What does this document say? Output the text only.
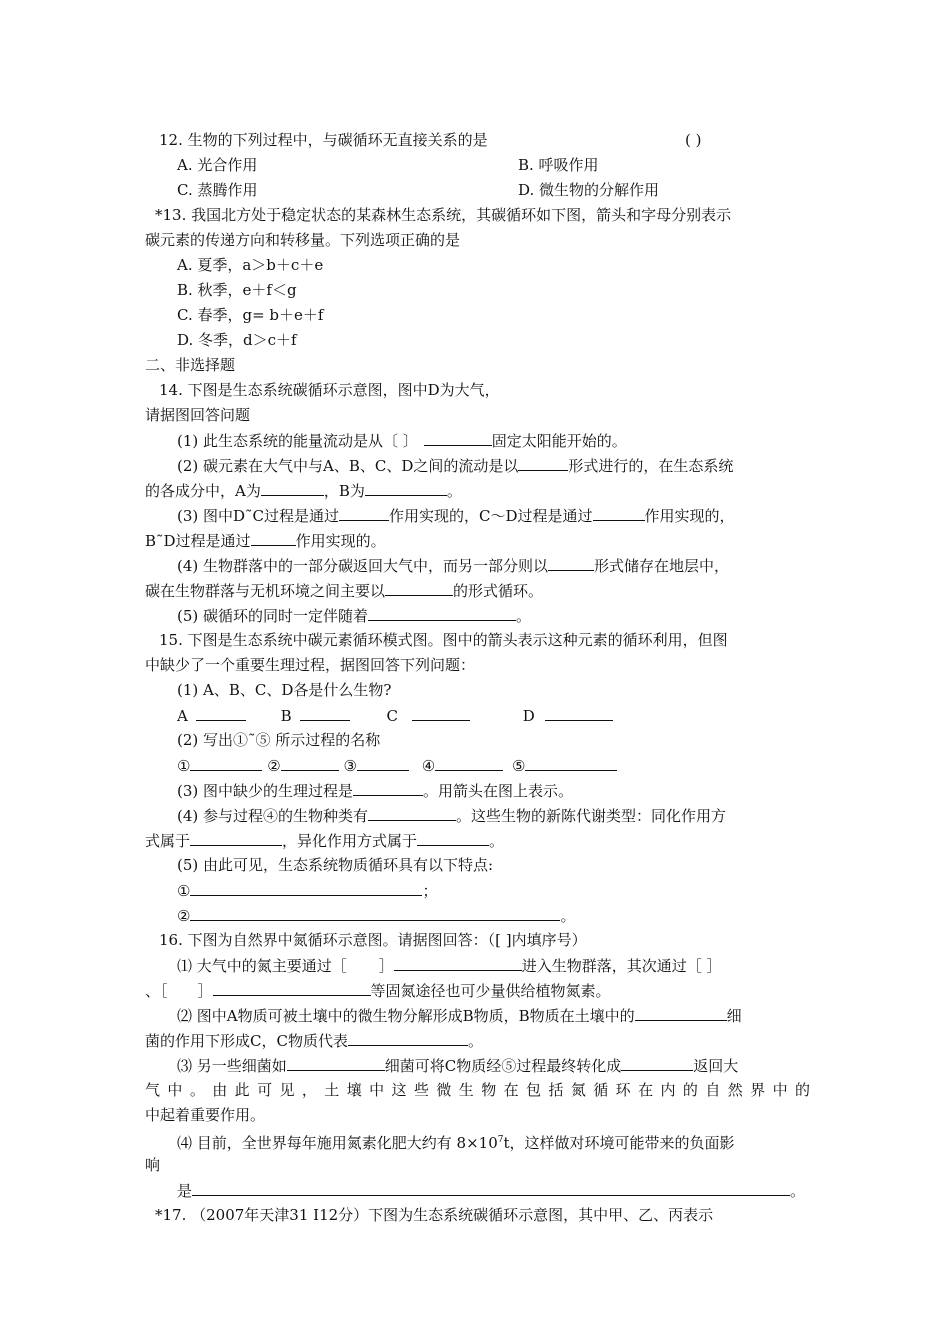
12. 生物的下列过程中，与碳循环无直接关系的是	( )
A. 光合作用	B. 呼吸作用
C. 蒸腾作用	D. 微生物的分解作用
*13. 我国北方处于稳定状态的某森林生态系统，其碳循环如下图，箭头和字母分别表示
碳元素的传递方向和转移量。下列选项正确的是
A. 夏季，a＞b＋c＋e
B. 秋季，e＋f＜g
C. 春季，g= b＋e＋f
D. 冬季，d＞c＋f
二、非选择题
14. 下图是生态系统碳循环示意图，图中D为大气，
请据图回答问题
(1) 此生态系统的能量流动是从〔 〕	固定太阳能开始的。
(2) 碳元素在大气中与A、B、C、D之间的流动是以	形式进行的，在生态系统
的各成分中，A为	，B为	。
(3) 图中D˜C过程是通过	作用实现的，C～D过程是通过	作用实现的，
B˜D过程是通过	作用实现的。
(4) 生物群落中的一部分碳返回大气中，而另一部分则以	形式储存在地层中，
碳在生物群落与无机环境之间主要以	的形式循环。
(5) 碳循环的同时一定伴随着	。
15. 下图是生态系统中碳元素循环模式图。图中的箭头表示这种元素的循环利用，但图
中缺少了一个重要生理过程，据图回答下列问题：
(1) A、B、C、D各是什么生物?
A	B	C	D
(2) 写出①˜⑤ 所示过程的名称
①	②	③	④	⑤
(3) 图中缺少的生理过程是	。用箭头在图上表示。
(4) 参与过程④的生物种类有	。这些生物的新陈代谢类型：同化作用方
式属于	，异化作用方式属于	。
(5) 由此可见，生态系统物质循环具有以下特点:
①	；
②	。
16. 下图为自然界中氮循环示意图。请据图回答：（[ ]内填序号）
⑴ 大气中的氮主要通过［ ］	进入生物群落，其次通过［ ］
、［ ］	等固氮途径也可少量供给植物氮素。
⑵ 图中A物质可被土壤中的微生物分解形成B物质，B物质在土壤中的	细
菌的作用下形成C，C物质代表	。
⑶ 另一些细菌如	细菌可将C物质经⑤过程最终转化成	返回大
气中。由此可见，土壤中这些微生物在包括氮循环在内的自然界中的
中起着重要作用。
⑷ 目前，全世界每年施用氮素化肥大约有 $8\times 10^7t$，这样做对环境可能带来的负面影
响
是	。
*17. （2007年天津31 Ⅰ12分）下图为生态系统碳循环示意图，其中甲、乙、丙表示
